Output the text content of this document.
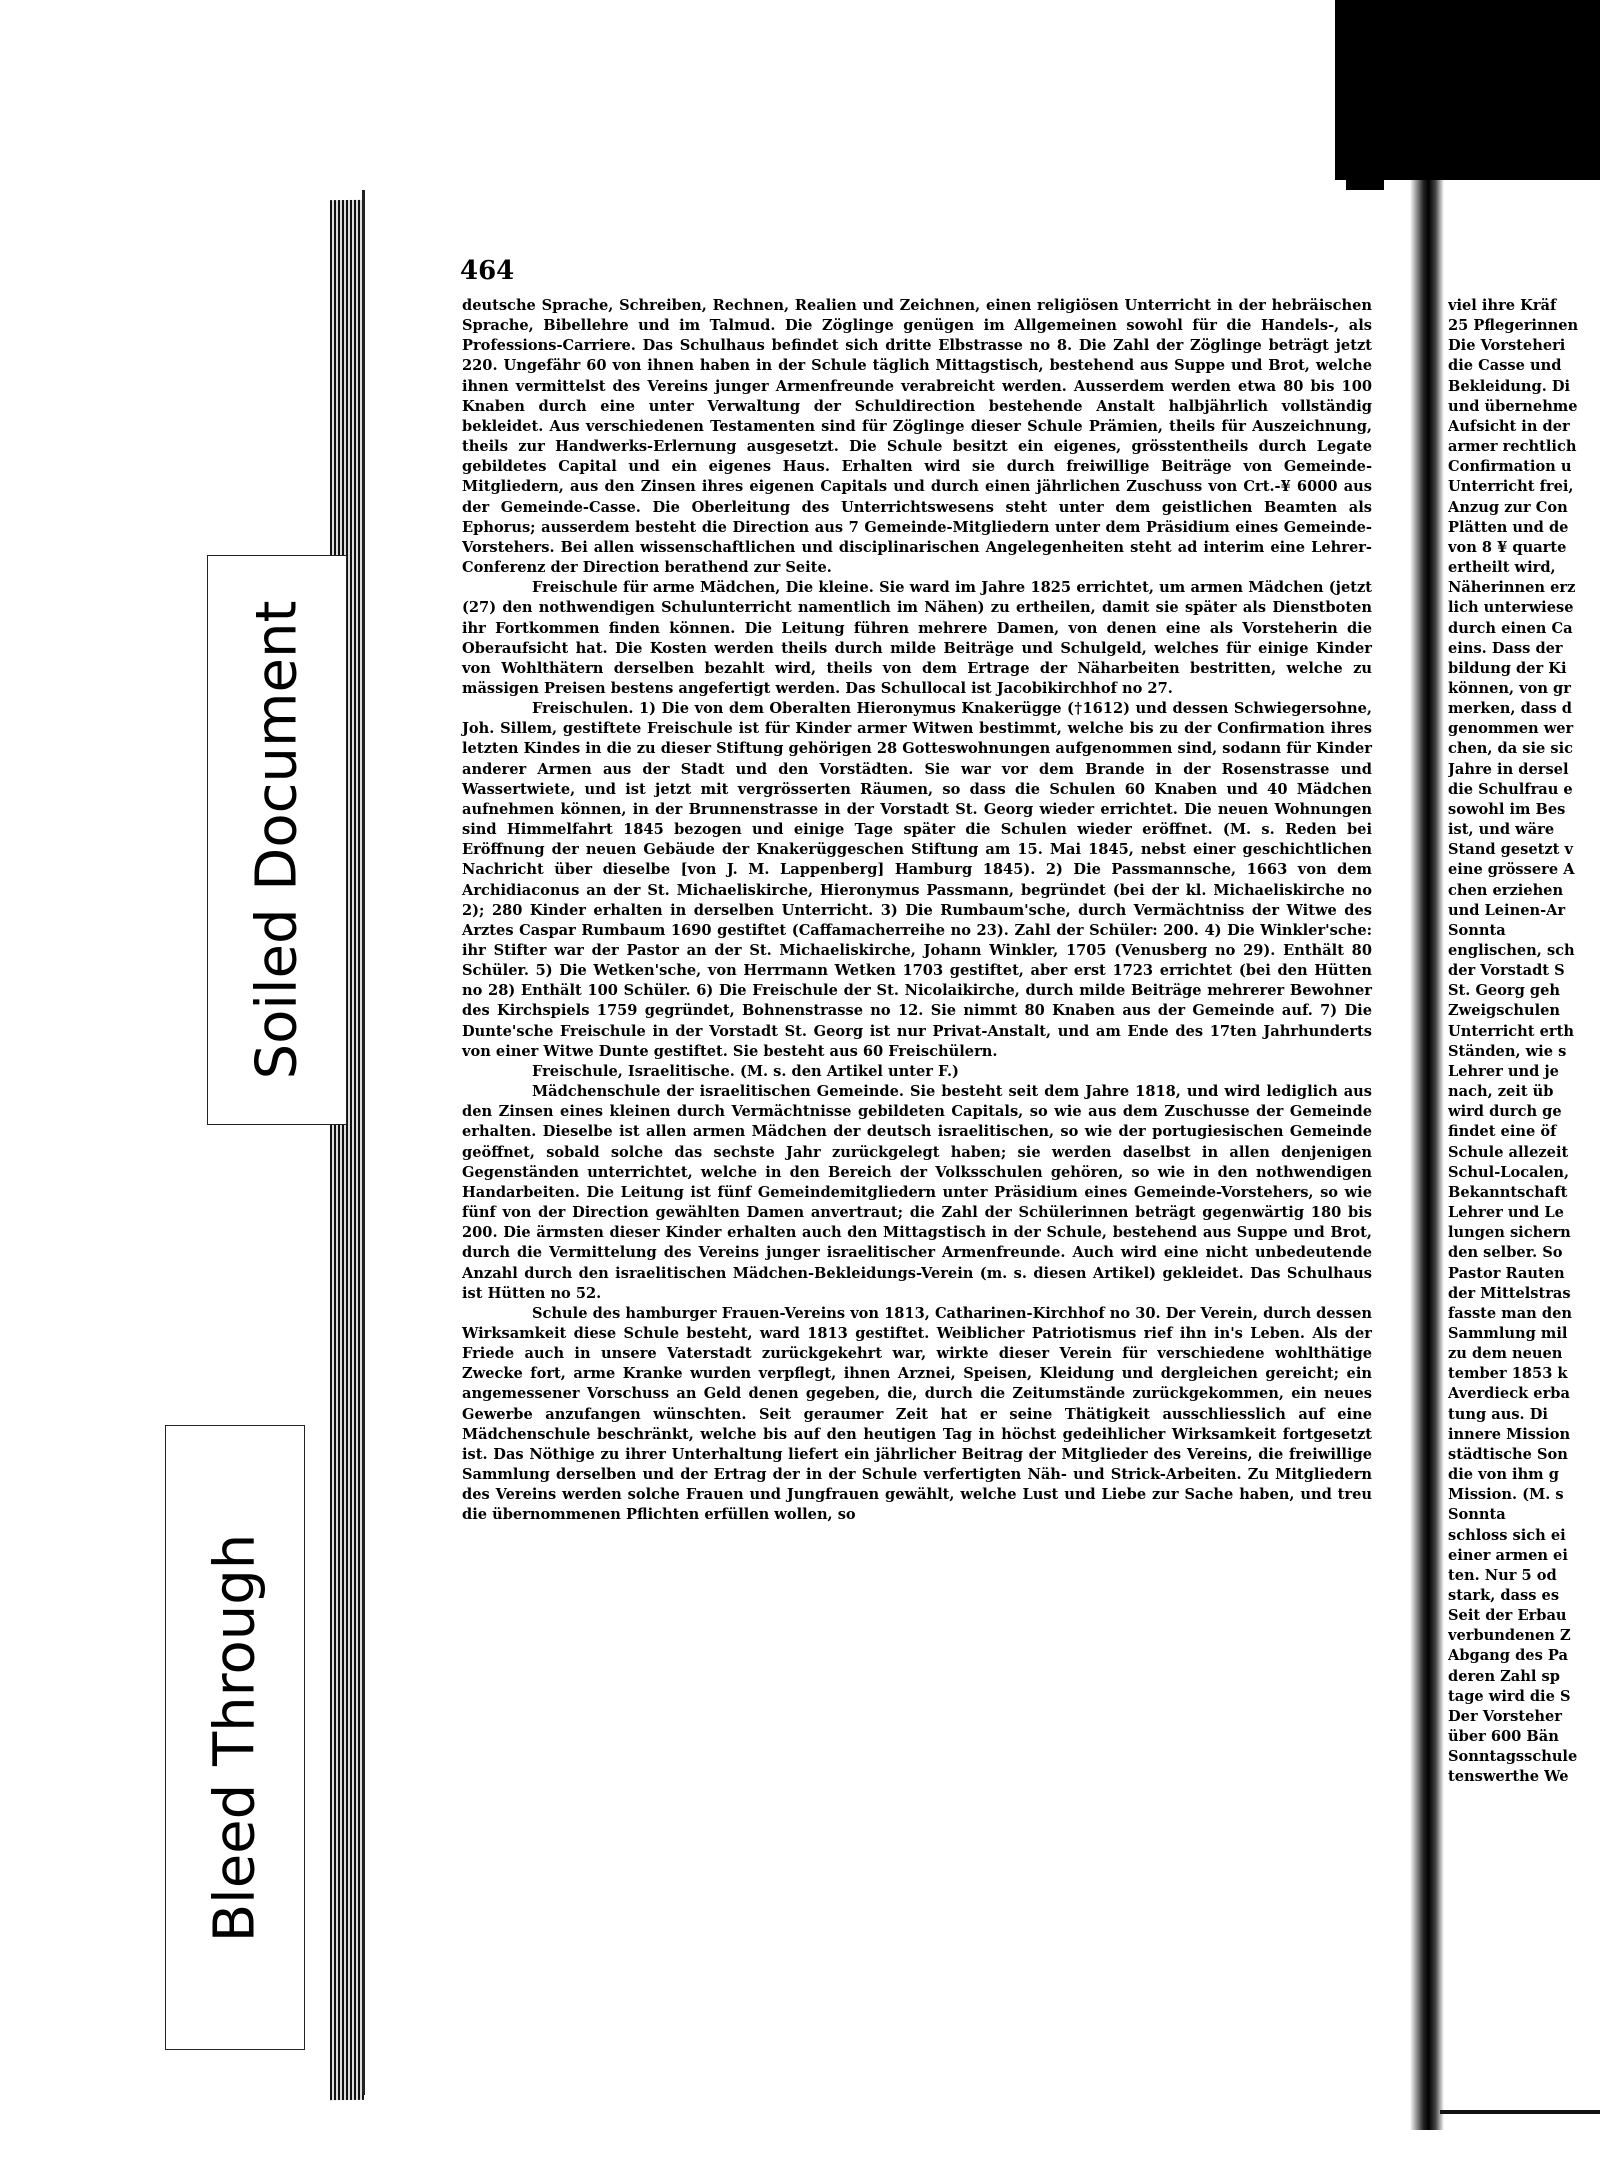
464

deutsche Sprache, Schreiben, Rechnen, Realien und Zeichnen, einen religiösen Unterricht in der hebräischen Sprache, Bibellehre und im Talmud. Die Zöglinge genügen im Allgemeinen sowohl für die Handels-, als Professions-Carriere. Das Schulhaus befindet sich dritte Elbstrasse no 8. Die Zahl der Zöglinge beträgt jetzt 220. Ungefähr 60 von ihnen haben in der Schule täglich Mittagstisch, bestehend aus Suppe und Brot, welche ihnen vermittelst des Vereins junger Armenfreunde verabreicht werden. Ausserdem werden etwa 80 bis 100 Knaben durch eine unter Verwaltung der Schuldirection bestehende Anstalt halbjährlich vollständig bekleidet. Aus verschiedenen Testamenten sind für Zöglinge dieser Schule Prämien, theils für Auszeichnung, theils zur Handwerks-Erlernung ausgesetzt. Die Schule besitzt ein eigenes, grösstentheils durch Legate gebildetes Capital und ein eigenes Haus. Erhalten wird sie durch freiwillige Beiträge von Gemeinde-Mitgliedern, aus den Zinsen ihres eigenen Capitals und durch einen jährlichen Zuschuss von Crt.-¥ 6000 aus der Gemeinde-Casse. Die Oberleitung des Unterrichtswesens steht unter dem geistlichen Beamten als Ephorus; ausserdem besteht die Direction aus 7 Gemeinde-Mitgliedern unter dem Präsidium eines Gemeinde-Vorstehers. Bei allen wissenschaftlichen und disciplinarischen Angelegenheiten steht ad interim eine Lehrer-Conferenz der Direction berathend zur Seite.

Freischule für arme Mädchen, Die kleine. Sie ward im Jahre 1825 errichtet, um armen Mädchen (jetzt (27) den nothwendigen Schulunterricht namentlich im Nähen) zu ertheilen, damit sie später als Dienstboten ihr Fortkommen finden können. Die Leitung führen mehrere Damen, von denen eine als Vorsteherin die Oberaufsicht hat. Die Kosten werden theils durch milde Beiträge und Schulgeld, welches für einige Kinder von Wohlthätern derselben bezahlt wird, theils von dem Ertrage der Näharbeiten bestritten, welche zu mässigen Preisen bestens angefertigt werden. Das Schullocal ist Jacobikirchhof no 27.

Freischulen. 1) Die von dem Oberalten Hieronymus Knakerügge (†1612) und dessen Schwiegersohne, Joh. Sillem, gestiftete Freischule ist für Kinder armer Witwen bestimmt, welche bis zu der Confirmation ihres letzten Kindes in die zu dieser Stiftung gehörigen 28 Gotteswohnungen aufgenommen sind, sodann für Kinder anderer Armen aus der Stadt und den Vorstädten. Sie war vor dem Brande in der Rosenstrasse und Wassertwiete, und ist jetzt mit vergrösserten Räumen, so dass die Schulen 60 Knaben und 40 Mädchen aufnehmen können, in der Brunnenstrasse in der Vorstadt St. Georg wieder errichtet. Die neuen Wohnungen sind Himmelfahrt 1845 bezogen und einige Tage später die Schulen wieder eröffnet. (M. s. Reden bei Eröffnung der neuen Gebäude der Knakerüggeschen Stiftung am 15. Mai 1845, nebst einer geschichtlichen Nachricht über dieselbe [von J. M. Lappenberg] Hamburg 1845). 2) Die Passmannsche, 1663 von dem Archidiaconus an der St. Michaeliskirche, Hieronymus Passmann, begründet (bei der kl. Michaeliskirche no 2); 280 Kinder erhalten in derselben Unterricht. 3) Die Rumbaum'sche, durch Vermächtniss der Witwe des Arztes Caspar Rumbaum 1690 gestiftet (Caffamacherreihe no 23). Zahl der Schüler: 200. 4) Die Winkler'sche: ihr Stifter war der Pastor an der St. Michaeliskirche, Johann Winkler, 1705 (Venusberg no 29). Enthält 80 Schüler. 5) Die Wetken'sche, von Herrmann Wetken 1703 gestiftet, aber erst 1723 errichtet (bei den Hütten no 28) Enthält 100 Schüler. 6) Die Freischule der St. Nicolaikirche, durch milde Beiträge mehrerer Bewohner des Kirchspiels 1759 gegründet, Bohnenstrasse no 12. Sie nimmt 80 Knaben aus der Gemeinde auf. 7) Die Dunte'sche Freischule in der Vorstadt St. Georg ist nur Privat-Anstalt, und am Ende des 17ten Jahrhunderts von einer Witwe Dunte gestiftet. Sie besteht aus 60 Freischülern.

Freischule, Israelitische. (M. s. den Artikel unter F.)

Mädchenschule der israelitischen Gemeinde. Sie besteht seit dem Jahre 1818, und wird lediglich aus den Zinsen eines kleinen durch Vermächtnisse gebildeten Capitals, so wie aus dem Zuschusse der Gemeinde erhalten. Dieselbe ist allen armen Mädchen der deutsch israelitischen, so wie der portugiesischen Gemeinde geöffnet, sobald solche das sechste Jahr zurückgelegt haben; sie werden daselbst in allen denjenigen Gegenständen unterrichtet, welche in den Bereich der Volksschulen gehören, so wie in den nothwendigen Handarbeiten. Die Leitung ist fünf Gemeindemitgliedern unter Präsidium eines Gemeinde-Vorstehers, so wie fünf von der Direction gewählten Damen anvertraut; die Zahl der Schülerinnen beträgt gegenwärtig 180 bis 200. Die ärmsten dieser Kinder erhalten auch den Mittagstisch in der Schule, bestehend aus Suppe und Brot, durch die Vermittelung des Vereins junger israelitischer Armenfreunde. Auch wird eine nicht unbedeutende Anzahl durch den israelitischen Mädchen-Bekleidungs-Verein (m. s. diesen Artikel) gekleidet. Das Schulhaus ist Hütten no 52.

Schule des hamburger Frauen-Vereins von 1813, Catharinen-Kirchhof no 30. Der Verein, durch dessen Wirksamkeit diese Schule besteht, ward 1813 gestiftet. Weiblicher Patriotismus rief ihn in's Leben. Als der Friede auch in unsere Vaterstadt zurückgekehrt war, wirkte dieser Verein für verschiedene wohlthätige Zwecke fort, arme Kranke wurden verpflegt, ihnen Arznei, Speisen, Kleidung und dergleichen gereicht; ein angemessener Vorschuss an Geld denen gegeben, die, durch die Zeitumstände zurückgekommen, ein neues Gewerbe anzufangen wünschten. Seit geraumer Zeit hat er seine Thätigkeit ausschliesslich auf eine Mädchenschule beschränkt, welche bis auf den heutigen Tag in höchst gedeihlicher Wirksamkeit fortgesetzt ist. Das Nöthige zu ihrer Unterhaltung liefert ein jährlicher Beitrag der Mitglieder des Vereins, die freiwillige Sammlung derselben und der Ertrag der in der Schule verfertigten Näh- und Strick-Arbeiten. Zu Mitgliedern des Vereins werden solche Frauen und Jungfrauen gewählt, welche Lust und Liebe zur Sache haben, und treu die übernommenen Pflichten erfüllen wollen, so

viel ihre Kräf
25 Pflegerinnen
Die Vorsteheri
die Casse und
Bekleidung. Di
und übernehme
Aufsicht in der
armer rechtlich
Confirmation u
Unterricht frei,
Anzug zur Con
Plätten und de
von 8 ¥ quarte
ertheilt wird,
Näherinnen erz
lich unterwiese
durch einen Ca
eins. Dass der
bildung der Ki
können, von gr
merken, dass d
genommen wer
chen, da sie sic
Jahre in dersel
die Schulfrau e
sowohl im Bes
ist, und wäre
Stand gesetzt v
eine grössere A
chen erziehen
und Leinen-Ar
Sonnta
englischen, sch
der Vorstadt S
St. Georg geh
Zweigschulen
Unterricht erth
Ständen, wie s
Lehrer und je
nach, zeit üb
wird durch ge
findet eine öf
Schule allezeit
Schul-Localen,
Bekanntschaft
Lehrer und Le
lungen sichern
den selber. So
Pastor Rauten
der Mittelstras
fasste man den
Sammlung mil
zu dem neuen
tember 1853 k
Averdieck erba
tung aus. Di
innere Mission
städtische Son
die von ihm g
Mission. (M. s
Sonnta
schloss sich ei
einer armen ei
ten. Nur 5 od
stark, dass es
Seit der Erbau
verbundenen Z
Abgang des Pa
deren Zahl sp
tage wird die S
Der Vorsteher
über 600 Bän
Sonntagsschule
tenswerthe We
Soiled Document
Bleed Through
